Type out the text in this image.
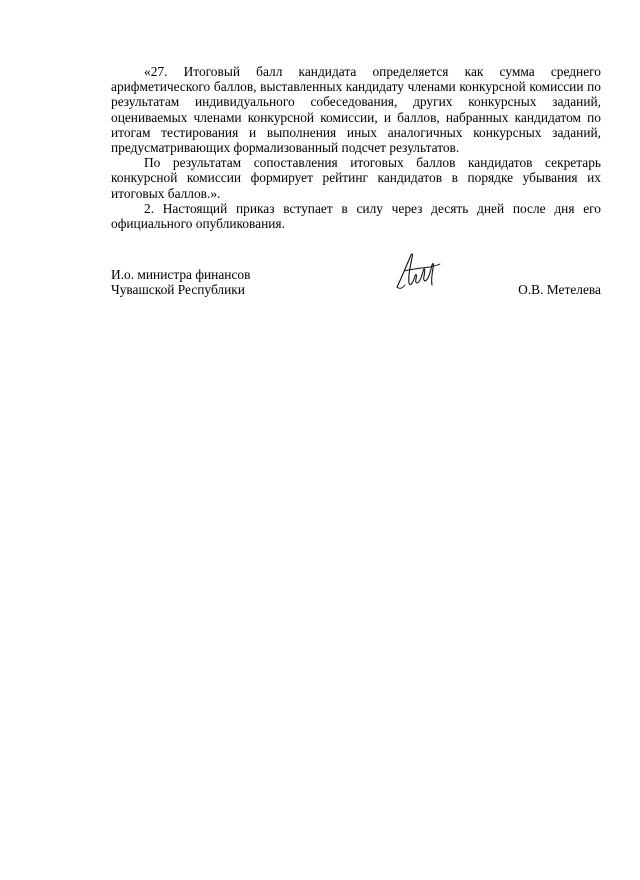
«27. Итоговый балл кандидата определяется как сумма среднего арифметического баллов, выставленных кандидату членами конкурсной комиссии по результатам индивидуального собеседования, других конкурсных заданий, оцениваемых членами конкурсной комиссии, и баллов, набранных кандидатом по итогам тестирования и выполнения иных аналогичных конкурсных заданий, предусматривающих формализованный подсчет результатов.

По результатам сопоставления итоговых баллов кандидатов секретарь конкурсной комиссии формирует рейтинг кандидатов в порядке убывания их итоговых баллов.».

2. Настоящий приказ вступает в силу через десять дней после дня его официального опубликования.

И.о. министра финансов
Чувашской Республики	О.В. Метелева
